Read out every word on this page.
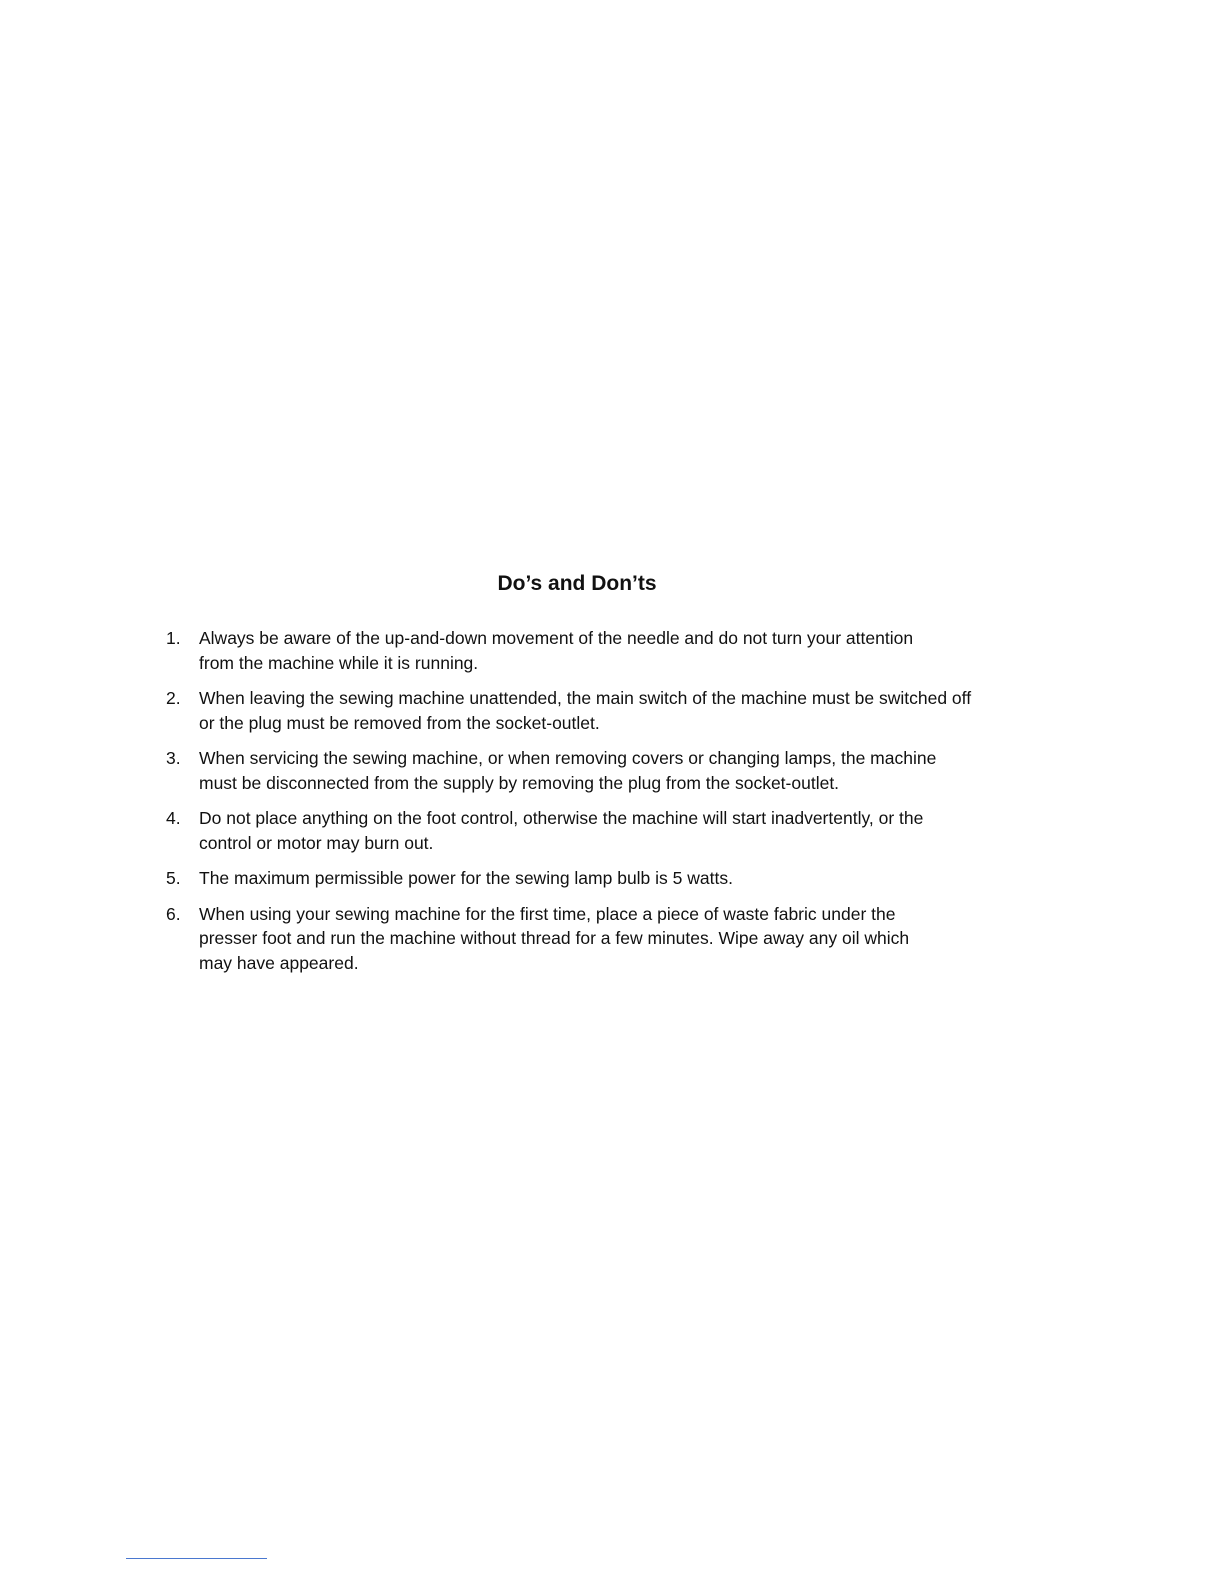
Do’s and Don’ts
1.	Always be aware of the up-and-down movement of the needle and do not turn your attention
from the machine while it is running.
2.	When leaving the sewing machine unattended, the main switch of the machine must be switched off
or the plug must be removed from the socket-outlet.
3.	When servicing the sewing machine, or when removing covers or changing lamps, the machine
must be disconnected from the supply by removing the plug from the socket-outlet.
4.	Do not place anything on the foot control, otherwise the machine will start inadvertently, or the
control or motor may burn out.
5.	The maximum permissible power for the sewing lamp bulb is 5 watts.
6.	When using your sewing machine for the first time, place a piece of waste fabric under the
presser foot and run the machine without thread for a few minutes. Wipe away any oil which
may have appeared.
